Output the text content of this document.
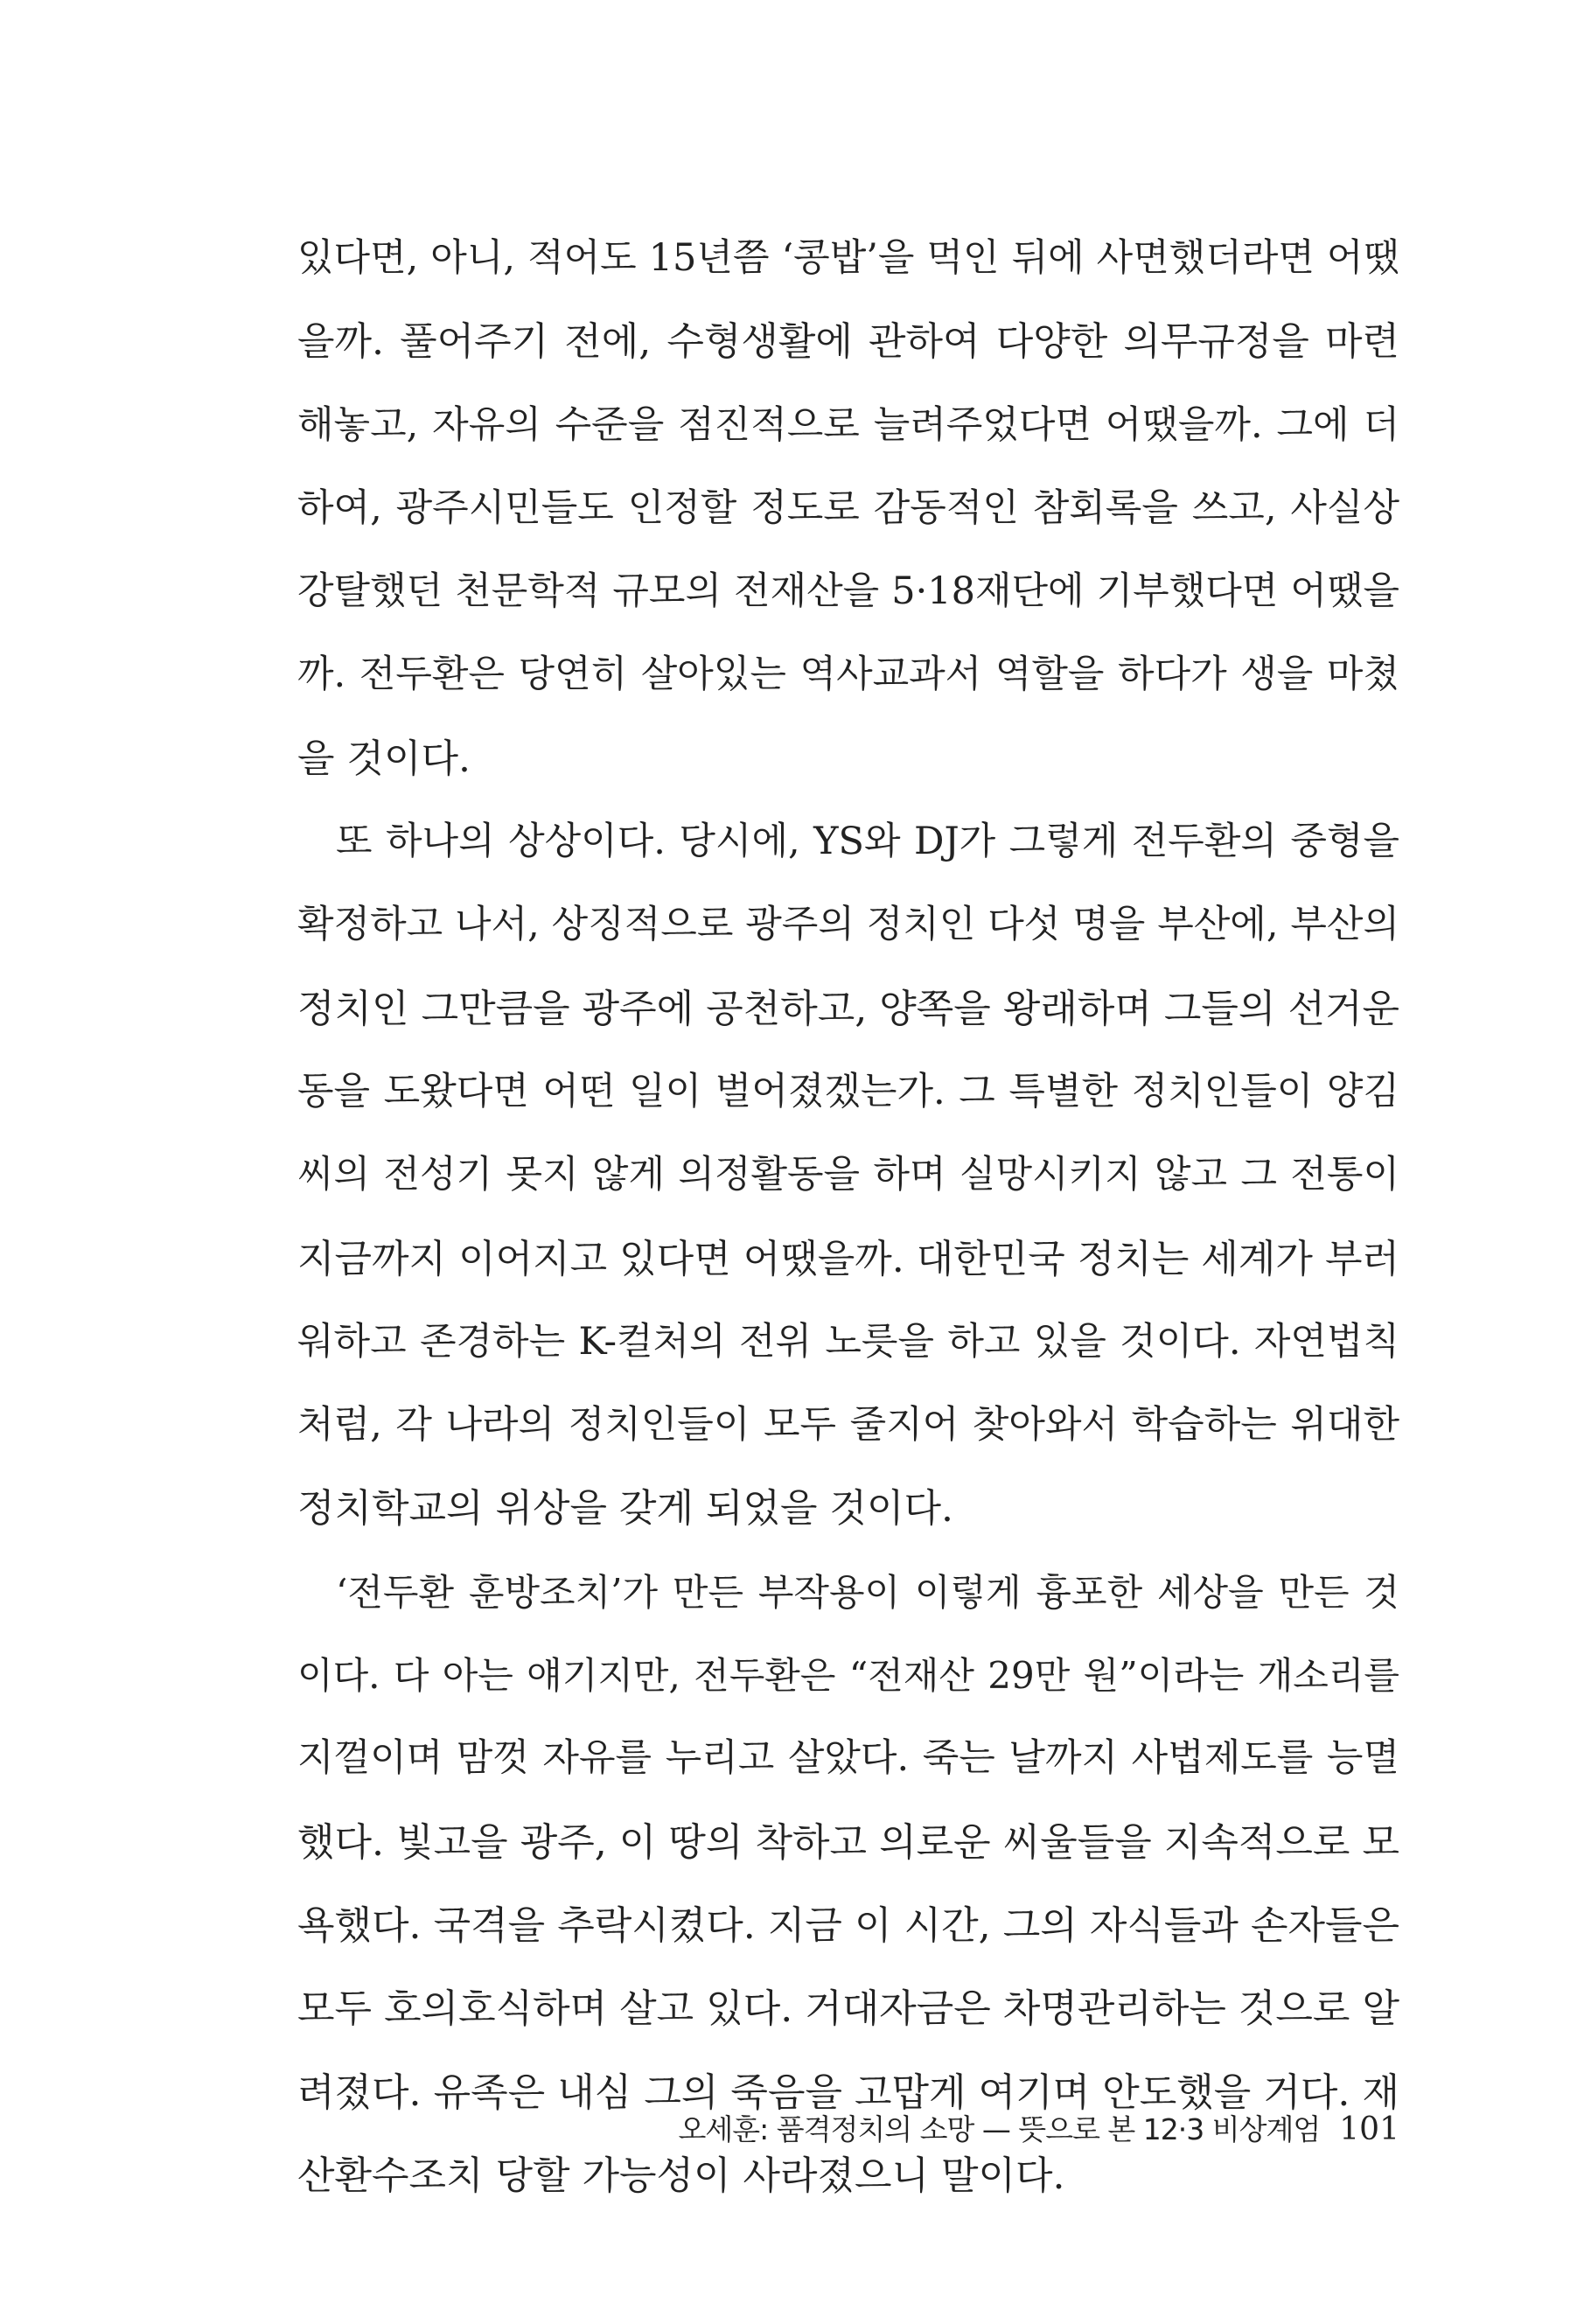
있다면, 아니, 적어도 15년쯤 ‘콩밥’을 먹인 뒤에 사면했더라면 어땠
을까. 풀어주기 전에, 수형생활에 관하여 다양한 의무규정을 마련
해놓고, 자유의 수준을 점진적으로 늘려주었다면 어땠을까. 그에 더
하여, 광주시민들도 인정할 정도로 감동적인 참회록을 쓰고, 사실상
강탈했던 천문학적 규모의 전재산을 5·18재단에 기부했다면 어땠을
까. 전두환은 당연히 살아있는 역사교과서 역할을 하다가 생을 마쳤
을 것이다.
또 하나의 상상이다. 당시에, YS와 DJ가 그렇게 전두환의 중형을
확정하고 나서, 상징적으로 광주의 정치인 다섯 명을 부산에, 부산의
정치인 그만큼을 광주에 공천하고, 양쪽을 왕래하며 그들의 선거운
동을 도왔다면 어떤 일이 벌어졌겠는가. 그 특별한 정치인들이 양김
씨의 전성기 못지 않게 의정활동을 하며 실망시키지 않고 그 전통이
지금까지 이어지고 있다면 어땠을까. 대한민국 정치는 세계가 부러
워하고 존경하는 K-컬처의 전위 노릇을 하고 있을 것이다. 자연법칙
처럼, 각 나라의 정치인들이 모두 줄지어 찾아와서 학습하는 위대한
정치학교의 위상을 갖게 되었을 것이다.
‘전두환 훈방조치’가 만든 부작용이 이렇게 흉포한 세상을 만든 것
이다. 다 아는 얘기지만, 전두환은 “전재산 29만 원”이라는 개소리를
지껄이며 맘껏 자유를 누리고 살았다. 죽는 날까지 사법제도를 능멸
했다. 빛고을 광주, 이 땅의 착하고 의로운 씨울들을 지속적으로 모
욕했다. 국격을 추락시켰다. 지금 이 시간, 그의 자식들과 손자들은
모두 호의호식하며 살고 있다. 거대자금은 차명관리하는 것으로 알
려졌다. 유족은 내심 그의 죽음을 고맙게 여기며 안도했을 거다. 재
산환수조치 당할 가능성이 사라졌으니 말이다.
오세훈: 품격정치의 소망 — 뜻으로 본 12·3 비상계엄 101
